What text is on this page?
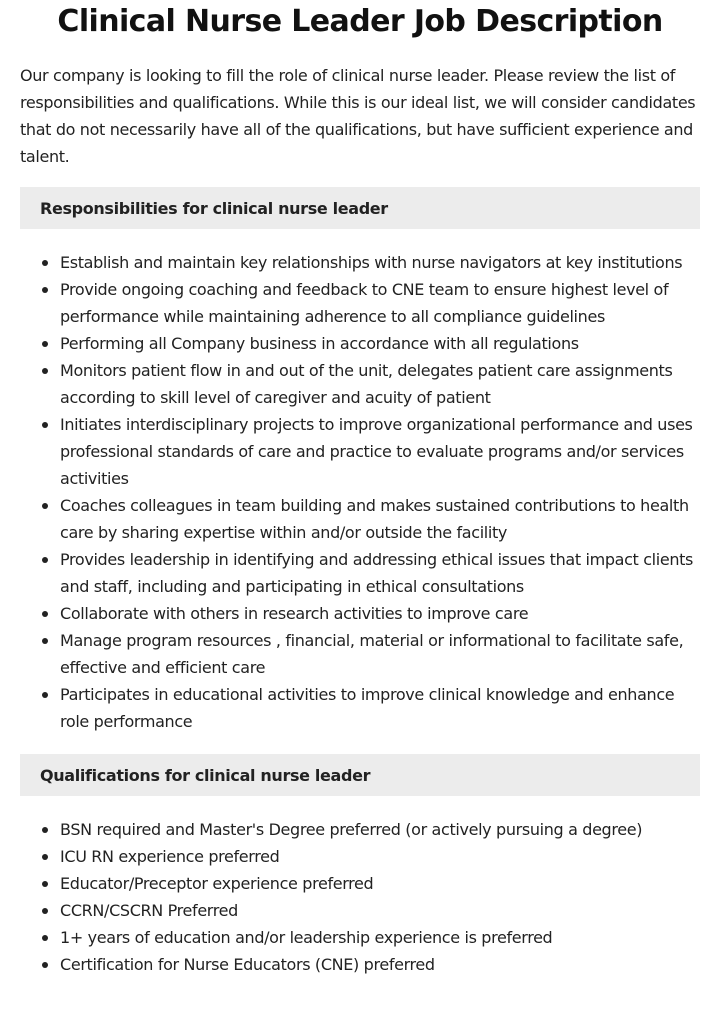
Clinical Nurse Leader Job Description

Our company is looking to fill the role of clinical nurse leader. Please review the list of responsibilities and qualifications. While this is our ideal list, we will consider candidates that do not necessarily have all of the qualifications, but have sufficient experience and talent.

Responsibilities for clinical nurse leader
Establish and maintain key relationships with nurse navigators at key institutions
Provide ongoing coaching and feedback to CNE team to ensure highest level of performance while maintaining adherence to all compliance guidelines
Performing all Company business in accordance with all regulations
Monitors patient flow in and out of the unit, delegates patient care assignments according to skill level of caregiver and acuity of patient
Initiates interdisciplinary projects to improve organizational performance and uses professional standards of care and practice to evaluate programs and/or services activities
Coaches colleagues in team building and makes sustained contributions to health care by sharing expertise within and/or outside the facility
Provides leadership in identifying and addressing ethical issues that impact clients and staff, including and participating in ethical consultations
Collaborate with others in research activities to improve care
Manage program resources , financial, material or informational to facilitate safe, effective and efficient care
Participates in educational activities to improve clinical knowledge and enhance role performance
Qualifications for clinical nurse leader
BSN required and Master's Degree preferred (or actively pursuing a degree)
ICU RN experience preferred
Educator/Preceptor experience preferred
CCRN/CSCRN Preferred
1+ years of education and/or leadership experience is preferred
Certification for Nurse Educators (CNE) preferred
